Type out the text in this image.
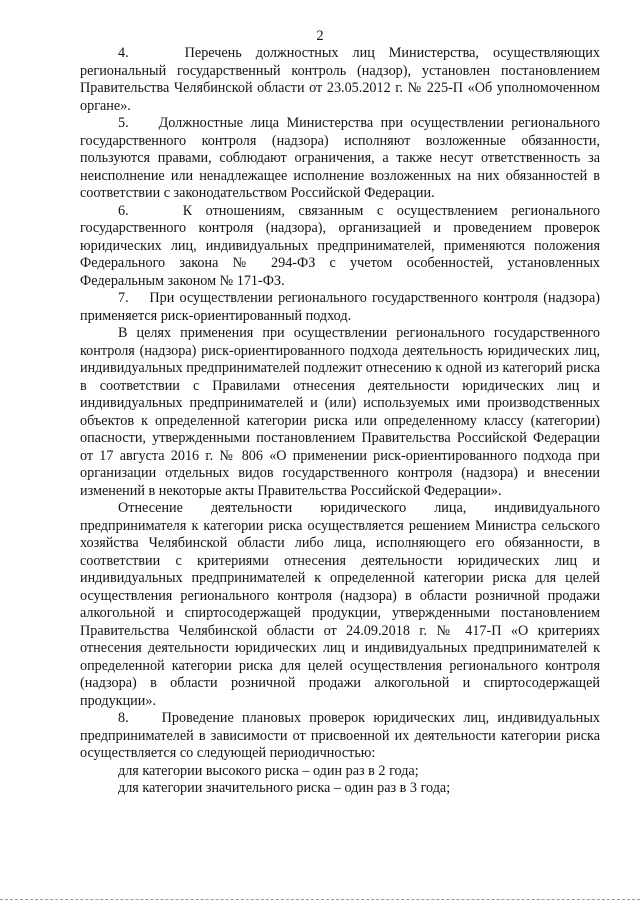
2

4.    Перечень должностных лиц Министерства, осуществляющих региональный государственный контроль (надзор), установлен постановлением Правительства Челябинской области от 23.05.2012 г. № 225-П «Об уполномоченном органе».

5.    Должностные лица Министерства при осуществлении регионального государственного контроля (надзора) исполняют возложенные обязанности, пользуются правами, соблюдают ограничения, а также несут ответственность за неисполнение или ненадлежащее исполнение возложенных на них обязанностей в соответствии с законодательством Российской Федерации.

6.    К отношениям, связанным с осуществлением регионального государственного контроля (надзора), организацией и проведением проверок юридических лиц, индивидуальных предпринимателей, применяются положения Федерального закона № 294-ФЗ с учетом особенностей, установленных Федеральным законом № 171-ФЗ.

7.    При осуществлении регионального государственного контроля (надзора) применяется риск-ориентированный подход.

В целях применения при осуществлении регионального государственного контроля (надзора) риск-ориентированного подхода деятельность юридических лиц, индивидуальных предпринимателей подлежит отнесению к одной из категорий риска в соответствии с Правилами отнесения деятельности юридических лиц и индивидуальных предпринимателей и (или) используемых ими производственных объектов к определенной категории риска или определенному классу (категории) опасности, утвержденными постановлением Правительства Российской Федерации от 17 августа 2016 г. № 806 «О применении риск-ориентированного подхода при организации отдельных видов государственного контроля (надзора) и внесении изменений в некоторые акты Правительства Российской Федерации».

Отнесение деятельности юридического лица, индивидуального предпринимателя к категории риска осуществляется решением Министра сельского хозяйства Челябинской области либо лица, исполняющего его обязанности, в соответствии с критериями отнесения деятельности юридических лиц и индивидуальных предпринимателей к определенной категории риска для целей осуществления регионального контроля (надзора) в области розничной продажи алкогольной и спиртосодержащей продукции, утвержденными постановлением Правительства Челябинской области от 24.09.2018 г. № 417-П «О критериях отнесения деятельности юридических лиц и индивидуальных предпринимателей к определенной категории риска для целей осуществления регионального контроля (надзора) в области розничной продажи алкогольной и спиртосодержащей продукции».

8.    Проведение плановых проверок юридических лиц, индивидуальных предпринимателей в зависимости от присвоенной их деятельности категории риска осуществляется со следующей периодичностью:

для категории высокого риска – один раз в 2 года;

для категории значительного риска – один раз в 3 года;
